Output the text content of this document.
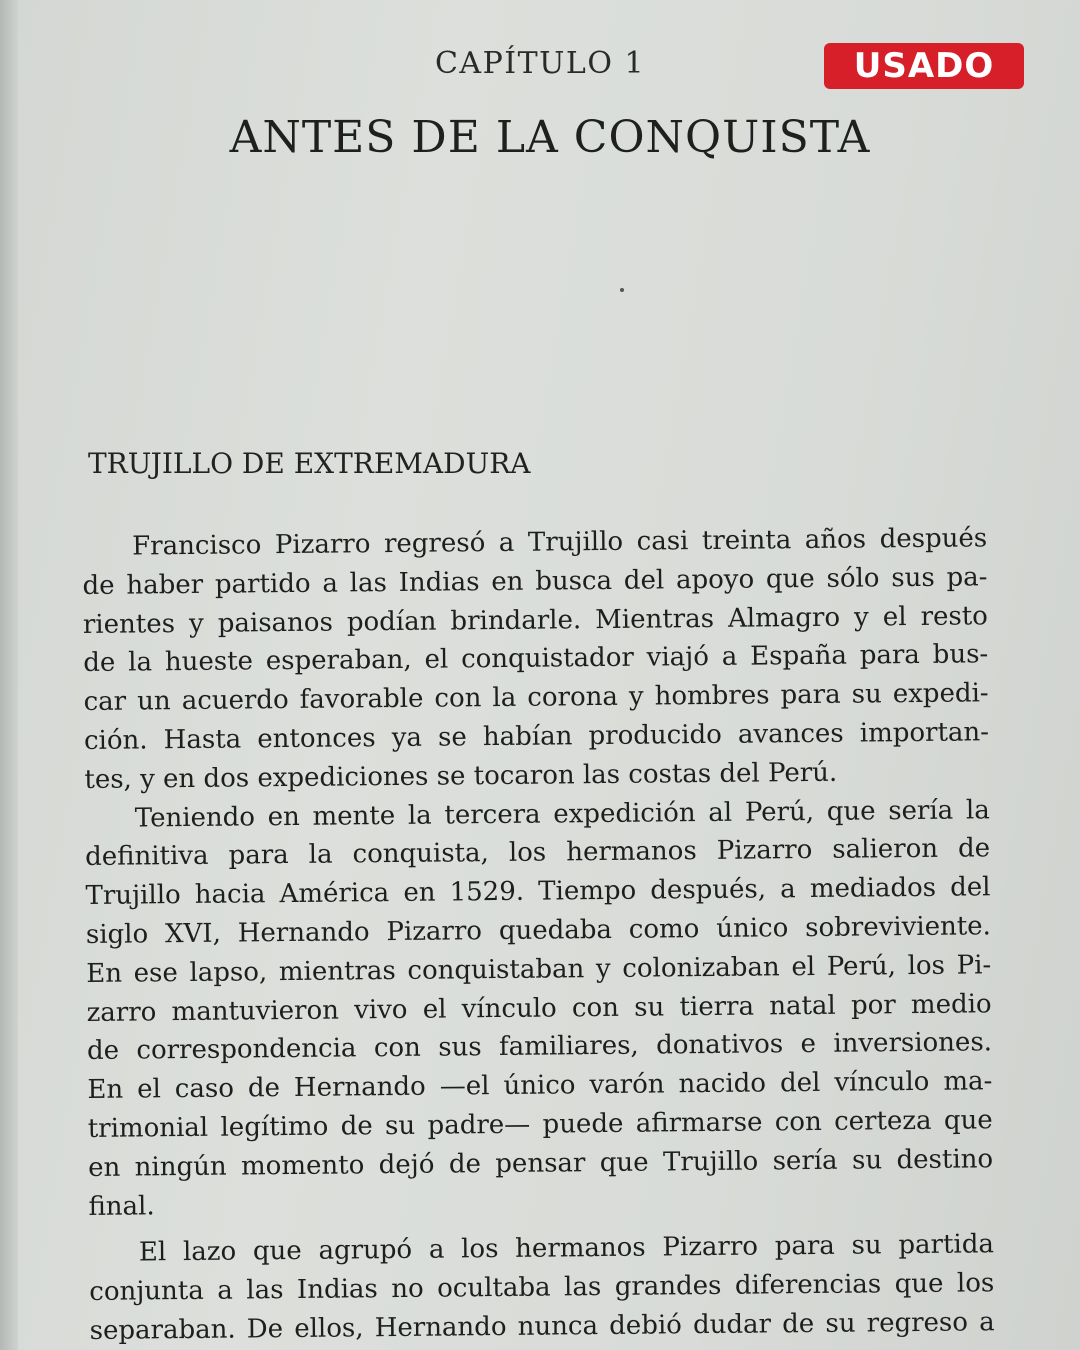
CAPÍTULO 1
ANTES DE LA CONQUISTA
USADO
TRUJILLO DE EXTREMADURA
Francisco Pizarro regresó a Trujillo casi treinta años después
de haber partido a las Indias en busca del apoyo que sólo sus pa-
rientes y paisanos podían brindarle. Mientras Almagro y el resto
de la hueste esperaban, el conquistador viajó a España para bus-
car un acuerdo favorable con la corona y hombres para su expedi-
ción. Hasta entonces ya se habían producido avances importan-
tes, y en dos expediciones se tocaron las costas del Perú.
Teniendo en mente la tercera expedición al Perú, que sería la
definitiva para la conquista, los hermanos Pizarro salieron de
Trujillo hacia América en 1529. Tiempo después, a mediados del
siglo XVI, Hernando Pizarro quedaba como único sobreviviente.
En ese lapso, mientras conquistaban y colonizaban el Perú, los Pi-
zarro mantuvieron vivo el vínculo con su tierra natal por medio
de correspondencia con sus familiares, donativos e inversiones.
En el caso de Hernando —el único varón nacido del vínculo ma-
trimonial legítimo de su padre— puede afirmarse con certeza que
en ningún momento dejó de pensar que Trujillo sería su destino
final.
El lazo que agrupó a los hermanos Pizarro para su partida
conjunta a las Indias no ocultaba las grandes diferencias que los
separaban. De ellos, Hernando nunca debió dudar de su regreso a
